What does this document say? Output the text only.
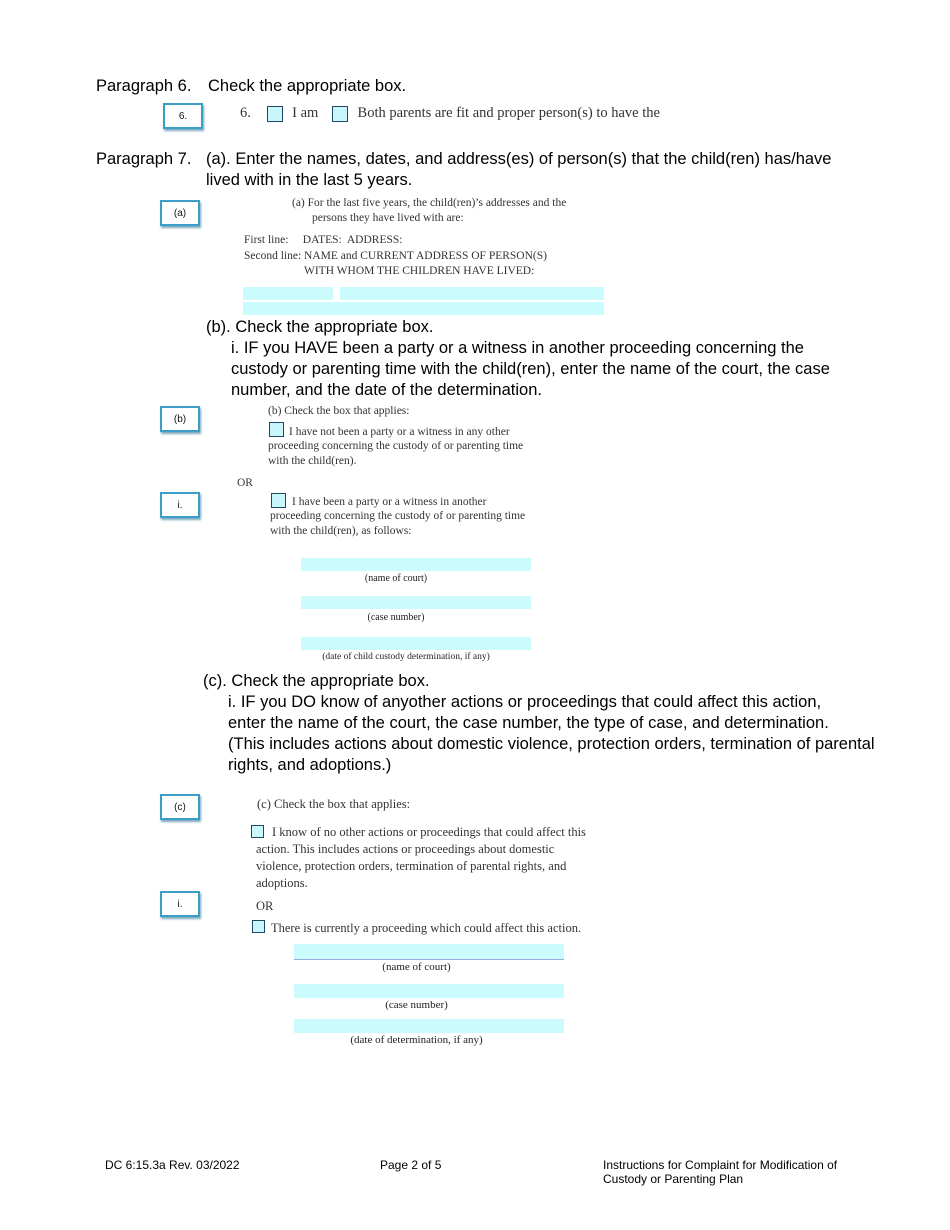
Paragraph 6. Check the appropriate box.
6.	6.	I am	Both parents are fit and proper person(s) to have the
Paragraph 7. (a). Enter the names, dates, and address(es) of person(s) that the child(ren) has/have
lived with in the last 5 years.
(a)
(a) For the last five years, the child(ren)’s addresses and the
persons they have lived with are:
First line:     DATES:  ADDRESS:
Second line: NAME and CURRENT ADDRESS OF PERSON(S)
WITH WHOM THE CHILDREN HAVE LIVED:
(b). Check the appropriate box.
i. IF you HAVE been a party or a witness in another proceeding concerning the
custody or parenting time with the child(ren), enter the name of the court, the case
number, and the date of the determination.
(b)
i.
(b) Check the box that applies:
I have not been a party or a witness in any other
proceeding concerning the custody of or parenting time
with the child(ren).
OR
I have been a party or a witness in another
proceeding concerning the custody of or parenting time
with the child(ren), as follows:
(name of court)
(case number)
(date of child custody determination, if any)
(c). Check the appropriate box.
i. IF you DO know of anyother actions or proceedings that could affect this action,
enter the name of the court, the case number, the type of case, and determination.
(This includes actions about domestic violence, protection orders, termination of parental
rights, and adoptions.)
(c)
i.
(c) Check the box that applies:
I know of no other actions or proceedings that could affect this
action. This includes actions or proceedings about domestic
violence, protection orders, termination of parental rights, and
adoptions.
OR
There is currently a proceeding which could affect this action.
(name of court)
(case number)
(date of determination, if any)
DC 6:15.3a Rev. 03/2022	Page 2 of 5	Instructions for Complaint for Modification of
Custody or Parenting Plan
